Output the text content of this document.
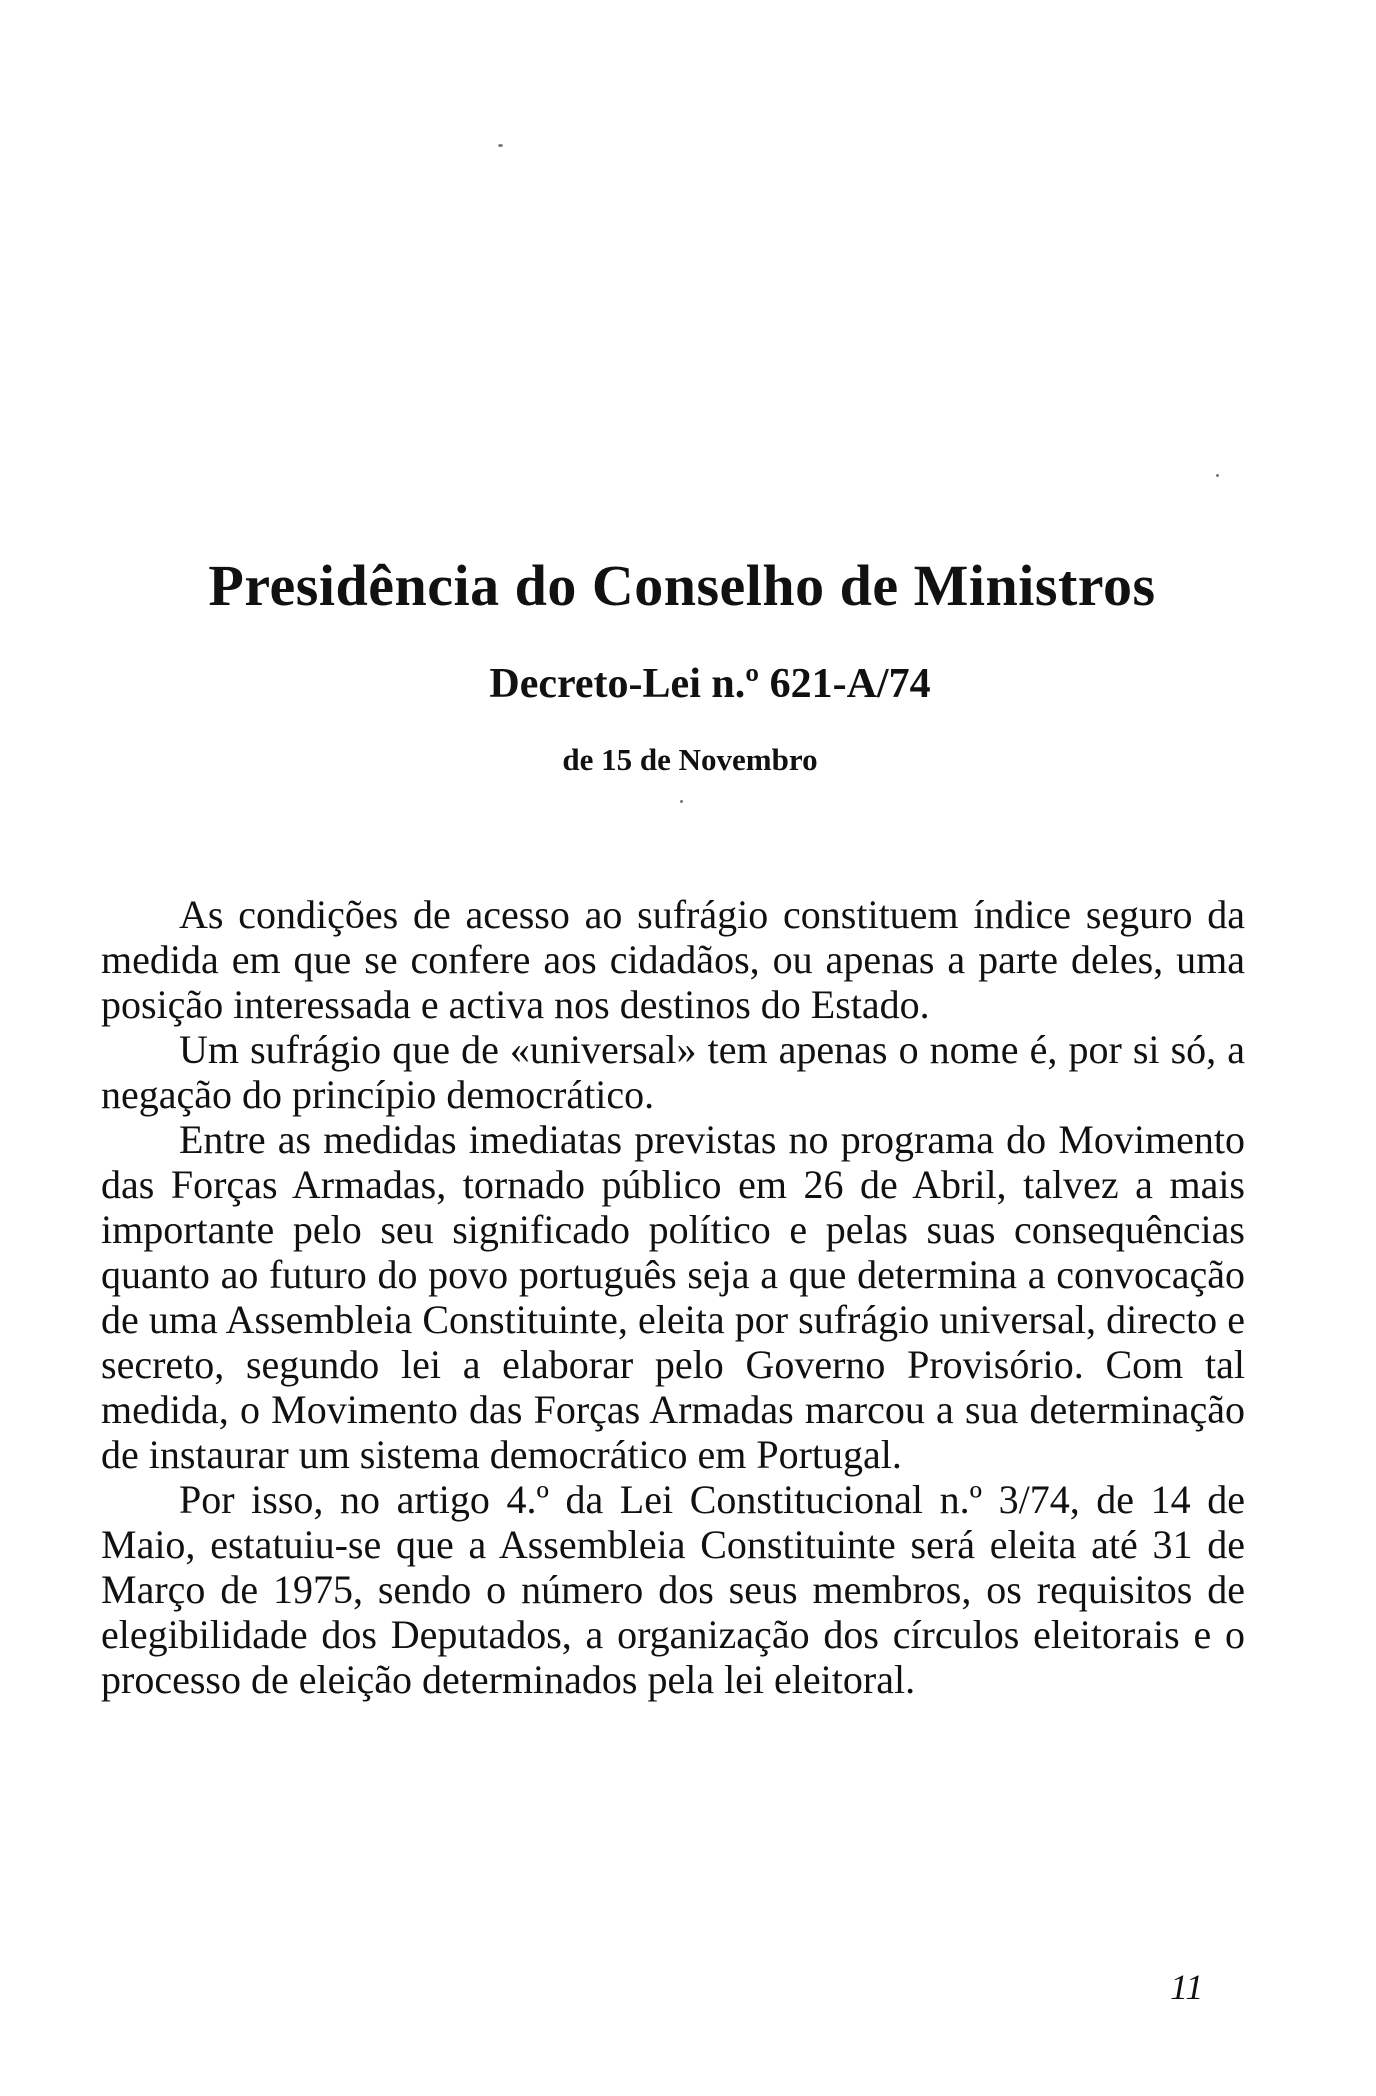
Presidência do Conselho de Ministros
Decreto-Lei n.º 621-A/74
de 15 de Novembro

As condições de acesso ao sufrágio constituem índice seguro da medida em que se confere aos cidadãos, ou apenas a parte deles, uma posição interessada e activa nos destinos do Estado.

Um sufrágio que de «universal» tem apenas o nome é, por si só, a negação do princípio democrático.

Entre as medidas imediatas previstas no programa do Movimento das Forças Armadas, tornado público em 26 de Abril, talvez a mais importante pelo seu significado político e pelas suas consequências quanto ao futuro do povo português seja a que determina a convocação de uma Assembleia Constituinte, eleita por sufrágio universal, directo e secreto, segundo lei a elaborar pelo Governo Provisório. Com tal medida, o Movimento das Forças Armadas marcou a sua determinação de instaurar um sistema democrático em Portugal.

Por isso, no artigo 4.º da Lei Constitucional n.º 3/74, de 14 de Maio, estatuiu-se que a Assembleia Constituinte será eleita até 31 de Março de 1975, sendo o número dos seus membros, os requisitos de elegibilidade dos Deputados, a organização dos círculos eleitorais e o processo de eleição determinados pela lei eleitoral.

11
